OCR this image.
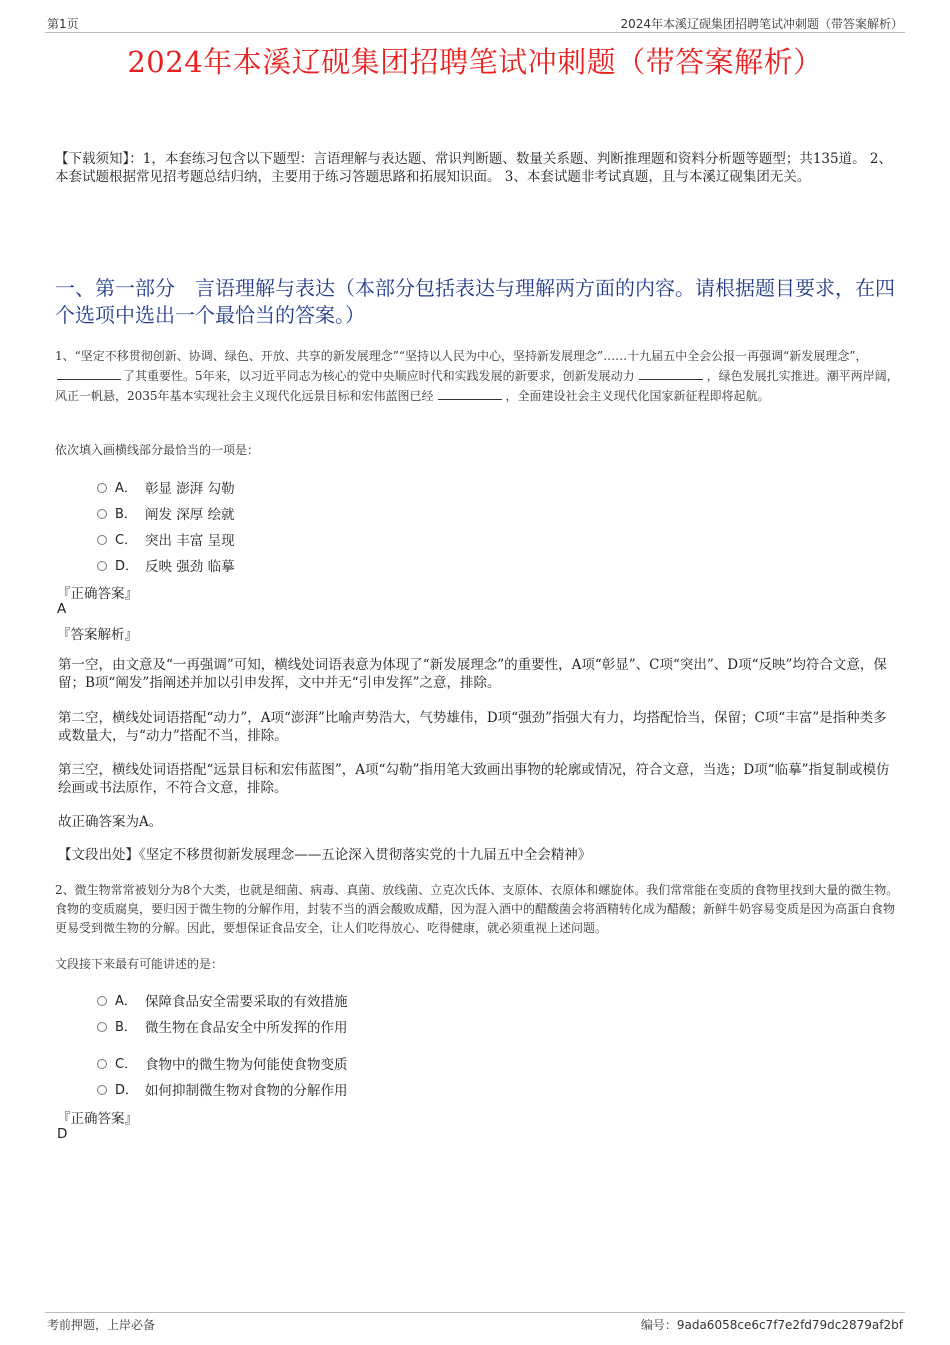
第1页	2024年本溪辽砚集团招聘笔试冲刺题（带答案解析）
2024年本溪辽砚集团招聘笔试冲刺题（带答案解析）
【下载须知】：1，本套练习包含以下题型：言语理解与表达题、常识判断题、数量关系题、判断推理题和资料分析题等题型；共135道。 2、本套试题根据常见招考题总结归纳，主要用于练习答题思路和拓展知识面。 3、本套试题非考试真题，且与本溪辽砚集团无关。
一、第一部分　言语理解与表达（本部分包括表达与理解两方面的内容。请根据题目要求，在四个选项中选出一个最恰当的答案。）

1、“坚定不移贯彻创新、协调、绿色、开放、共享的新发展理念”“坚持以人民为中心，坚持新发展理念”……十九届五中全会公报一再强调“新发展理念”，了其重要性。5年来，以习近平同志为核心的党中央顺应时代和实践发展的新要求，创新发展动力	，绿色发展扎实推进。潮平两岸阔，风正一帆悬，2035年基本实现社会主义现代化远景目标和宏伟蓝图已经	，全面建设社会主义现代化国家新征程即将起航。

依次填入画横线部分最恰当的一项是：
A． 彰显 澎湃 勾勒
B． 阐发 深厚 绘就
C． 突出 丰富 呈现
D． 反映 强劲 临摹
『正确答案』
A
『答案解析』
第一空，由文意及“一再强调”可知，横线处词语表意为体现了“新发展理念”的重要性，A项“彰显”、C项“突出”、D项“反映”均符合文意，保留；B项“阐发”指阐述并加以引申发挥，文中并无“引申发挥”之意，排除。
第二空，横线处词语搭配“动力”，A项“澎湃”比喻声势浩大，气势雄伟，D项“强劲”指强大有力，均搭配恰当，保留；C项“丰富”是指种类多或数量大，与“动力”搭配不当，排除。
第三空，横线处词语搭配“远景目标和宏伟蓝图”，A项“勾勒”指用笔大致画出事物的轮廓或情况，符合文意，当选；D项“临摹”指复制或模仿绘画或书法原作，不符合文意，排除。
故正确答案为A。
【文段出处】《坚定不移贯彻新发展理念——五论深入贯彻落实党的十九届五中全会精神》

2、微生物常常被划分为8个大类，也就是细菌、病毒、真菌、放线菌、立克次氏体、支原体、衣原体和螺旋体。我们常常能在变质的食物里找到大量的微生物。食物的变质腐臭，要归因于微生物的分解作用，封装不当的酒会酸败成醋，因为混入酒中的醋酸菌会将酒精转化成为醋酸；新鲜牛奶容易变质是因为高蛋白食物更易受到微生物的分解。因此，要想保证食品安全，让人们吃得放心、吃得健康，就必须重视上述问题。

文段接下来最有可能讲述的是：
A． 保障食品安全需要采取的有效措施
B． 微生物在食品安全中所发挥的作用
C． 食物中的微生物为何能使食物变质
D． 如何抑制微生物对食物的分解作用
『正确答案』
D
考前押题，上岸必备	编号：9ada6058ce6c7f7e2fd79dc2879af2bf
